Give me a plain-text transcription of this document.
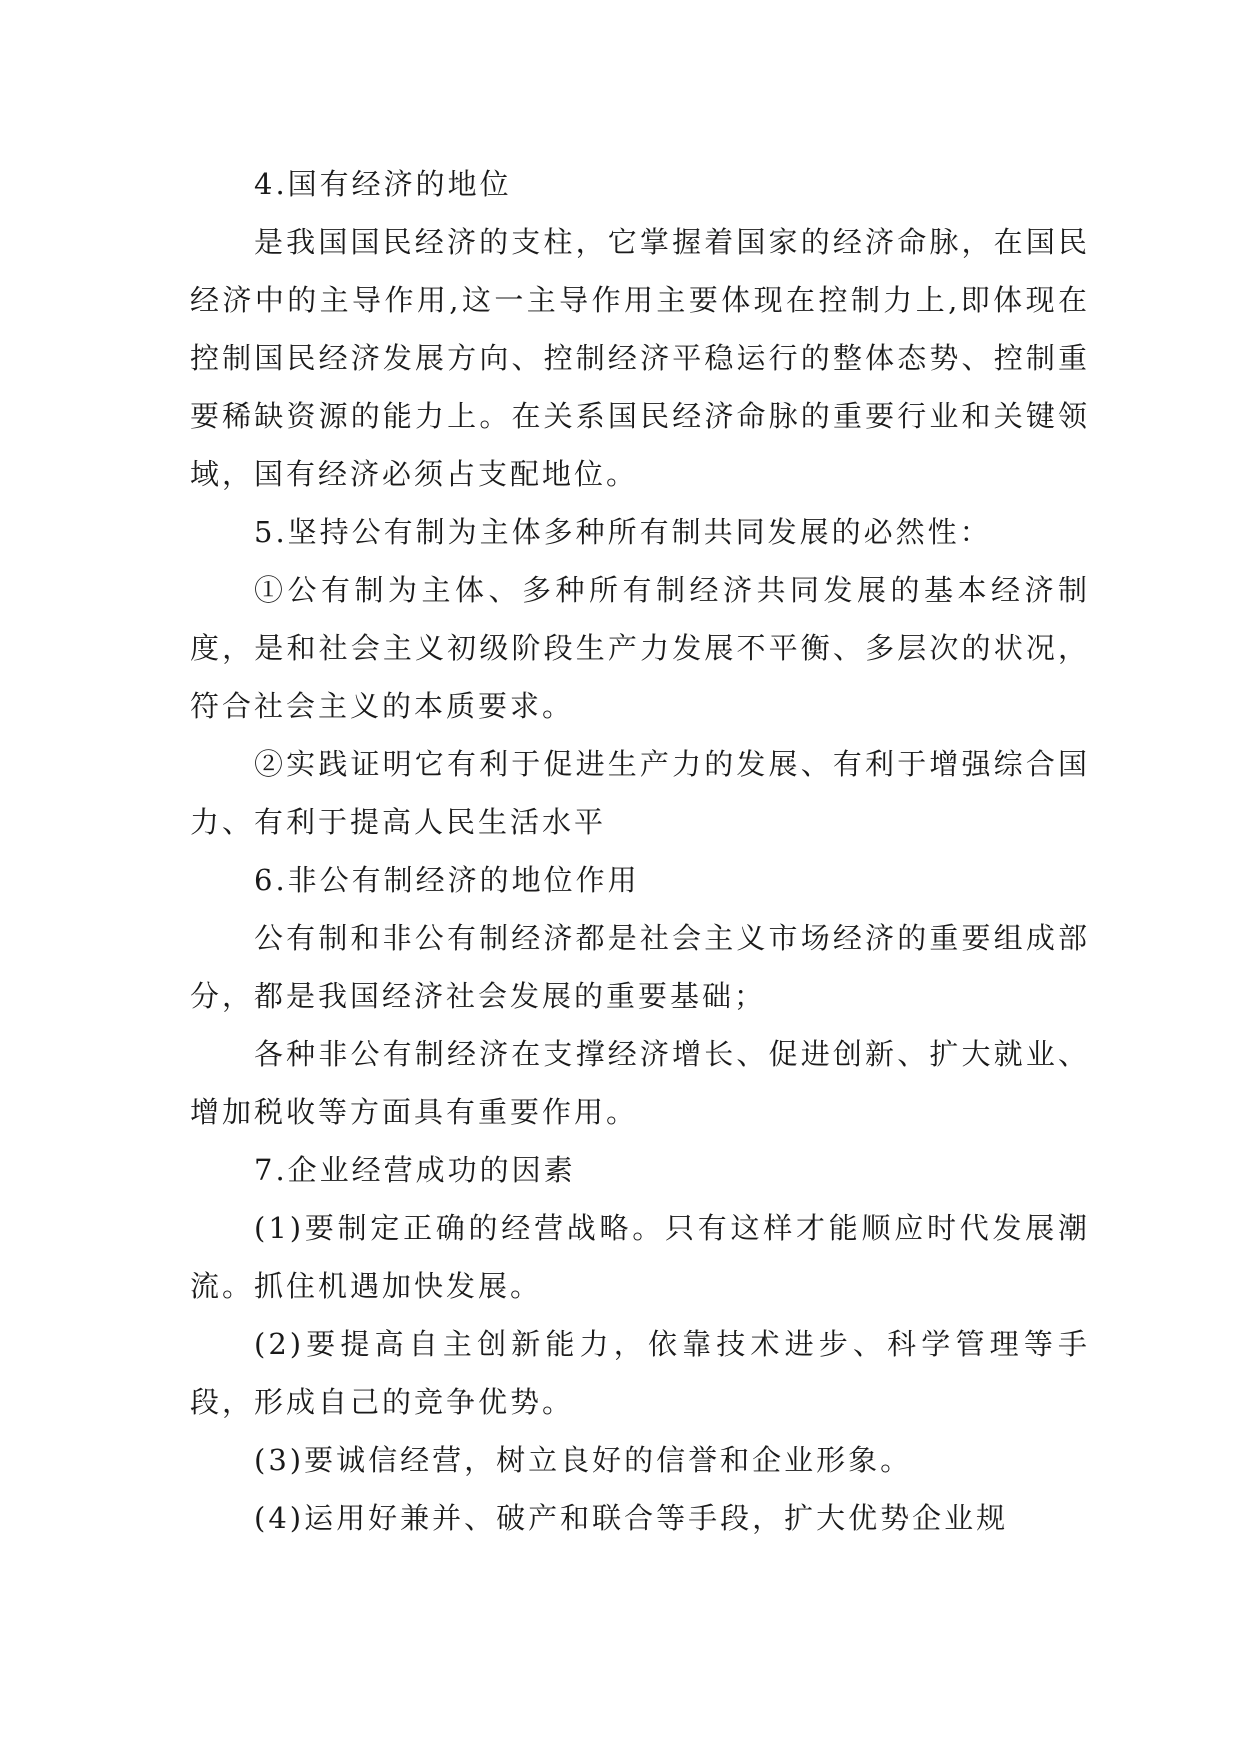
4.国有经济的地位

是我国国民经济的支柱，它掌握着国家的经济命脉，在国民经济中的主导作用,这一主导作用主要体现在控制力上,即体现在控制国民经济发展方向、控制经济平稳运行的整体态势、控制重要稀缺资源的能力上。在关系国民经济命脉的重要行业和关键领域，国有经济必须占支配地位。

5.坚持公有制为主体多种所有制共同发展的必然性：

①公有制为主体、多种所有制经济共同发展的基本经济制度，是和社会主义初级阶段生产力发展不平衡、多层次的状况，符合社会主义的本质要求。

②实践证明它有利于促进生产力的发展、有利于增强综合国力、有利于提高人民生活水平

6.非公有制经济的地位作用

公有制和非公有制经济都是社会主义市场经济的重要组成部分，都是我国经济社会发展的重要基础；

各种非公有制经济在支撑经济增长、促进创新、扩大就业、增加税收等方面具有重要作用。

7.企业经营成功的因素

(1)要制定正确的经营战略。只有这样才能顺应时代发展潮流。抓住机遇加快发展。

(2)要提高自主创新能力，依靠技术进步、科学管理等手段，形成自己的竞争优势。

(3)要诚信经营，树立良好的信誉和企业形象。

(4)运用好兼并、破产和联合等手段，扩大优势企业规
